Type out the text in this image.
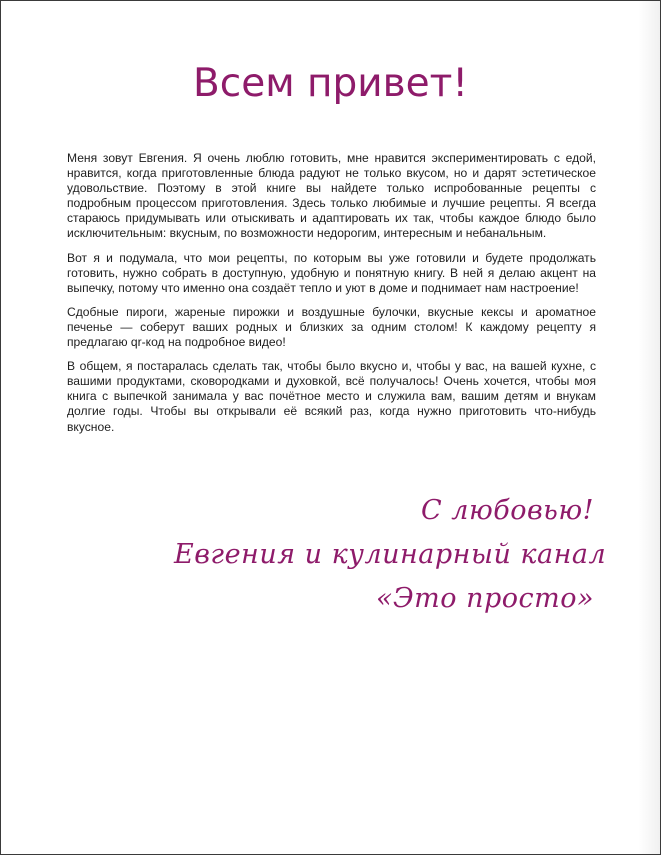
Всем привет!

Меня зовут Евгения. Я очень люблю готовить, мне нравится экспериментировать с едой, нравится, когда приготовленные блюда радуют не только вкусом, но и дарят эстетическое удовольствие. Поэтому в этой книге вы найдете только испробованные рецепты с подробным процессом приготовления. Здесь только любимые и лучшие рецепты. Я всегда стараюсь придумывать или отыскивать и адаптировать их так, чтобы каждое блюдо было исключительным: вкусным, по возможности недорогим, интересным и небанальным.

Вот я и подумала, что мои рецепты, по которым вы уже готовили и будете продолжать готовить, нужно собрать в доступную, удобную и понятную книгу. В ней я делаю акцент на выпечку, потому что именно она создаёт тепло и уют в доме и поднимает нам настроение!

Сдобные пироги, жареные пирожки и воздушные булочки, вкусные кексы и ароматное печенье — соберут ваших родных и близких за одним столом! К каждому рецепту я предлагаю qr-код на подробное видео!

В общем, я постаралась сделать так, чтобы было вкусно и, чтобы у вас, на вашей кухне, с вашими продуктами, сковородками и духовкой, всё получалось! Очень хочется, чтобы моя книга с выпечкой занимала у вас почётное место и служила вам, вашим детям и внукам долгие годы. Чтобы вы открывали её всякий раз, когда нужно приготовить что-нибудь вкусное.

С любовью!
Евгения и кулинарный канал
«Это просто»
